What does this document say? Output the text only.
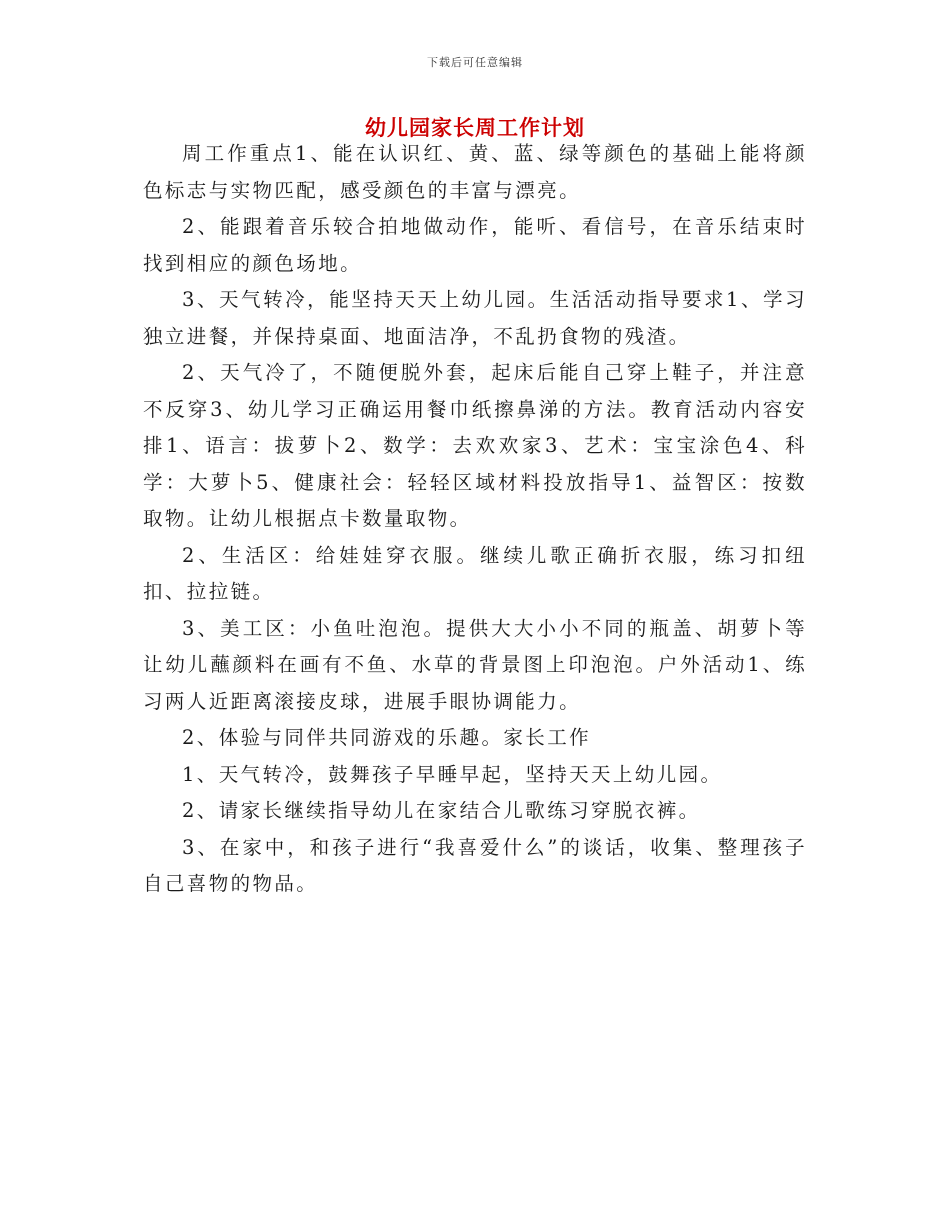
下载后可任意编辑
幼儿园家长周工作计划

周工作重点1、能在认识红、黄、蓝、绿等颜色的基础上能将颜色标志与实物匹配，感受颜色的丰富与漂亮。

2、能跟着音乐较合拍地做动作，能听、看信号，在音乐结束时找到相应的颜色场地。

3、天气转冷，能坚持天天上幼儿园。生活活动指导要求1、学习独立进餐，并保持桌面、地面洁净，不乱扔食物的残渣。

2、天气冷了，不随便脱外套，起床后能自己穿上鞋子，并注意不反穿3、幼儿学习正确运用餐巾纸擦鼻涕的方法。教育活动内容安排1、语言：拔萝卜2、数学：去欢欢家3、艺术：宝宝涂色4、科学：大萝卜5、健康社会：轻轻区域材料投放指导1、益智区：按数取物。让幼儿根据点卡数量取物。

2、生活区：给娃娃穿衣服。继续儿歌正确折衣服，练习扣纽扣、拉拉链。

3、美工区：小鱼吐泡泡。提供大大小小不同的瓶盖、胡萝卜等让幼儿蘸颜料在画有不鱼、水草的背景图上印泡泡。户外活动1、练习两人近距离滚接皮球，进展手眼协调能力。

2、体验与同伴共同游戏的乐趣。家长工作

1、天气转冷，鼓舞孩子早睡早起，坚持天天上幼儿园。

2、请家长继续指导幼儿在家结合儿歌练习穿脱衣裤。

3、在家中，和孩子进行“我喜爱什么”的谈话，收集、整理孩子自己喜物的物品。
